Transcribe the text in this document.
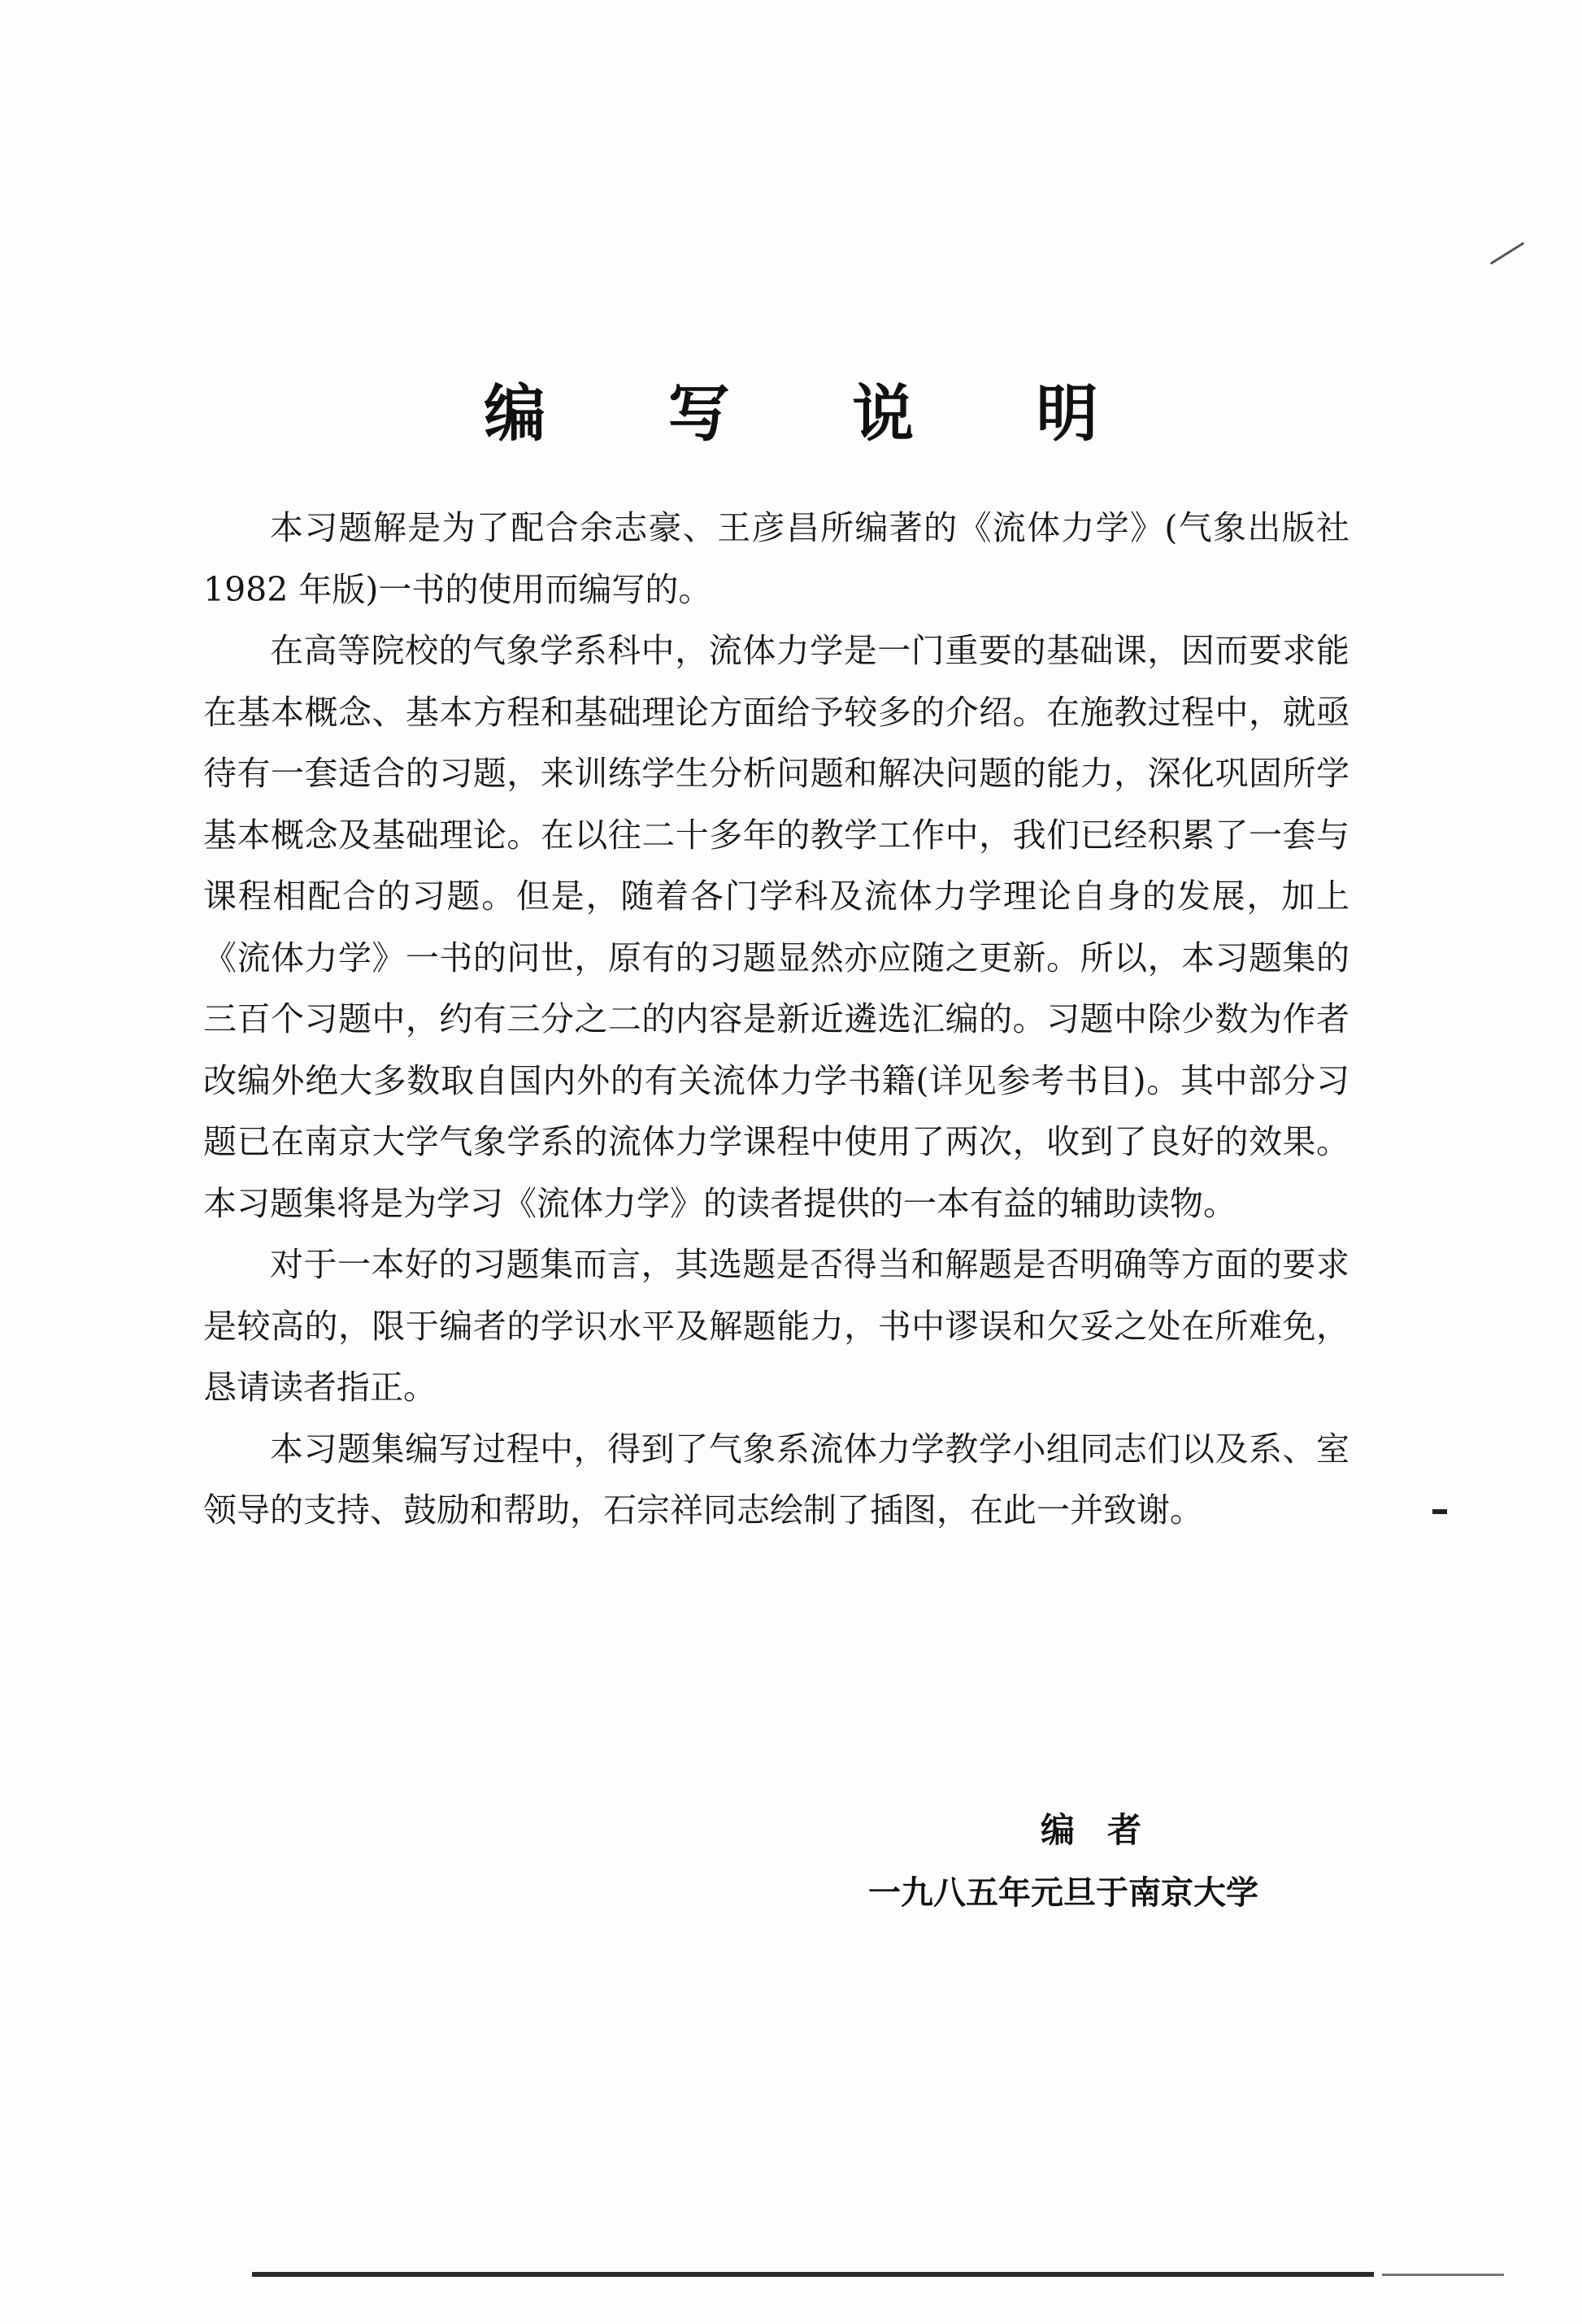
编 写 说 明

本习题解是为了配合余志豪、王彦昌所编著的《流体力学》(气象出版社 1982 年版)一书的使用而编写的。

在高等院校的气象学系科中，流体力学是一门重要的基础课，因而要求能在基本概念、基本方程和基础理论方面给予较多的介绍。在施教过程中，就亟待有一套适合的习题，来训练学生分析问题和解决问题的能力，深化巩固所学基本概念及基础理论。在以往二十多年的教学工作中，我们已经积累了一套与课程相配合的习题。但是，随着各门学科及流体力学理论自身的发展，加上《流体力学》一书的问世，原有的习题显然亦应随之更新。所以，本习题集的三百个习题中，约有三分之二的内容是新近遴选汇编的。习题中除少数为作者改编外绝大多数取自国内外的有关流体力学书籍(详见参考书目)。其中部分习题已在南京大学气象学系的流体力学课程中使用了两次，收到了良好的效果。本习题集将是为学习《流体力学》的读者提供的一本有益的辅助读物。

对于一本好的习题集而言，其选题是否得当和解题是否明确等方面的要求是较高的，限于编者的学识水平及解题能力，书中谬误和欠妥之处在所难免，恳请读者指正。

本习题集编写过程中，得到了气象系流体力学教学小组同志们以及系、室领导的支持、鼓励和帮助，石宗祥同志绘制了插图，在此一并致谢。

编者
一九八五年元旦于南京大学
